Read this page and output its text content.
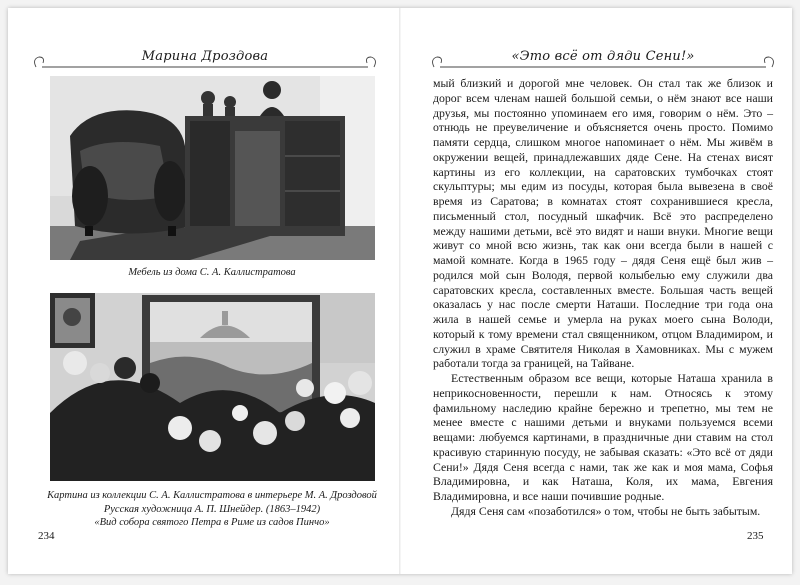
Марина Дроздова	«Это всё от дяди Сени!»
Мебель из дома С. А. Каллистратова
Картина из коллекции С. А. Каллистратова в интерьере М. А. Дроздовой
Русская художница А. П. Шнейдер. (1863–1942)
«Вид собора святого Петра в Риме из садов Пинчо»
234

мый близкий и дорогой мне человек. Он стал так же близок и дорог всем членам нашей большой семьи, о нём знают все наши друзья, мы постоянно упоминаем его имя, говорим о нём. Это – отнюдь не преувеличение и объясняется очень просто. Помимо памяти сердца, слишком многое напоминает о нём. Мы живём в окружении вещей, принадлежавших дяде Сене. На стенах висят картины из его коллекции, на саратовских тумбочках стоят скульптуры; мы едим из посуды, которая была вывезена в своё время из Саратова; в комнатах стоят сохранившиеся кресла, письменный стол, посудный шкафчик. Всё это распределено между нашими детьми, всё это видят и наши внуки. Многие вещи живут со мной всю жизнь, так как они всегда были в нашей с мамой комнате. Когда в 1965 году – дядя Сеня ещё был жив – родился мой сын Володя, первой колыбелью ему служили два саратовских кресла, составленных вместе. Большая часть вещей оказалась у нас после смерти Наташи. Последние три года она жила в нашей семье и умерла на руках моего сына Володи, который к тому времени стал священником, отцом Владимиром, и служил в храме Святителя Николая в Хамовниках. Мы с мужем работали тогда за границей, на Тайване.

Естественным образом все вещи, которые Наташа хранила в неприкосновенности, перешли к нам. Относясь к этому фамильному наследию крайне бережно и трепетно, мы тем не менее вместе с нашими детьми и внуками пользуемся всеми вещами: любуемся картинами, в праздничные дни ставим на стол красивую старинную посуду, не забывая сказать: «Это всё от дяди Сени!» Дядя Сеня всегда с нами, так же как и моя мама, Софья Владимировна, и как Наташа, Коля, их мама, Евгения Владимировна, и все наши почившие родные.

Дядя Сеня сам «позаботился» о том, чтобы не быть забытым.

235
